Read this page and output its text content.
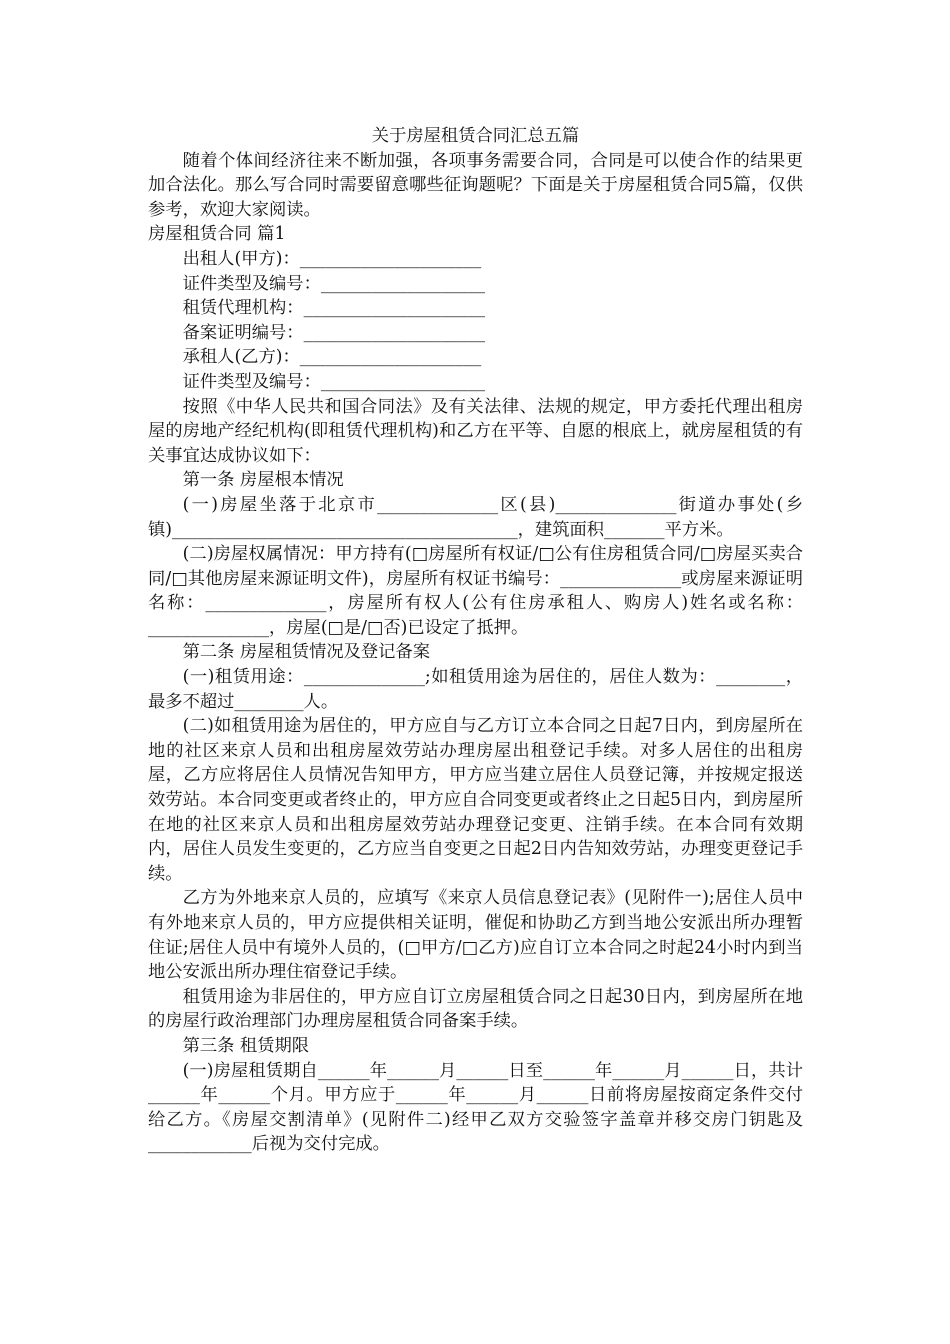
关于房屋租赁合同汇总五篇

随着个体间经济往来不断加强，各项事务需要合同，合同是可以使合作的结果更加合法化。那么写合同时需要留意哪些征询题呢？下面是关于房屋租赁合同5篇，仅供参考，欢迎大家阅读。

房屋租赁合同 篇1

出租人(甲方)：_____________________

证件类型及编号：___________________

租赁代理机构：_____________________

备案证明编号：_____________________

承租人(乙方)：_____________________

证件类型及编号：___________________

按照《中华人民共和国合同法》及有关法律、法规的规定，甲方委托代理出租房屋的房地产经纪机构(即租赁代理机构)和乙方在平等、自愿的根底上，就房屋租赁的有关事宜达成协议如下：

第一条 房屋根本情况

(一)房屋坐落于北京市______________区(县)______________街道办事处(乡镇)________________________________________，建筑面积_______平方米。

(二)房屋权属情况：甲方持有(□房屋所有权证/□公有住房租赁合同/□房屋买卖合同/□其他房屋来源证明文件)，房屋所有权证书编号：______________或房屋来源证明名称：______________，房屋所有权人(公有住房承租人、购房人)姓名或名称：______________，房屋(□是/□否)已设定了抵押。

第二条 房屋租赁情况及登记备案

(一)租赁用途：______________;如租赁用途为居住的，居住人数为：________，最多不超过________人。

(二)如租赁用途为居住的，甲方应自与乙方订立本合同之日起7日内，到房屋所在地的社区来京人员和出租房屋效劳站办理房屋出租登记手续。对多人居住的出租房屋，乙方应将居住人员情况告知甲方，甲方应当建立居住人员登记簿，并按规定报送效劳站。本合同变更或者终止的，甲方应自合同变更或者终止之日起5日内，到房屋所在地的社区来京人员和出租房屋效劳站办理登记变更、注销手续。在本合同有效期内，居住人员发生变更的，乙方应当自变更之日起2日内告知效劳站，办理变更登记手续。

乙方为外地来京人员的，应填写《来京人员信息登记表》(见附件一);居住人员中有外地来京人员的，甲方应提供相关证明，催促和协助乙方到当地公安派出所办理暂住证;居住人员中有境外人员的，(□甲方/□乙方)应自订立本合同之时起24小时内到当地公安派出所办理住宿登记手续。

租赁用途为非居住的，甲方应自订立房屋租赁合同之日起30日内，到房屋所在地的房屋行政治理部门办理房屋租赁合同备案手续。

第三条 租赁期限

(一)房屋租赁期自______年______月______日至______年______月______日，共计______年______个月。甲方应于______年______月______日前将房屋按商定条件交付给乙方。《房屋交割清单》(见附件二)经甲乙双方交验签字盖章并移交房门钥匙及____________后视为交付完成。
